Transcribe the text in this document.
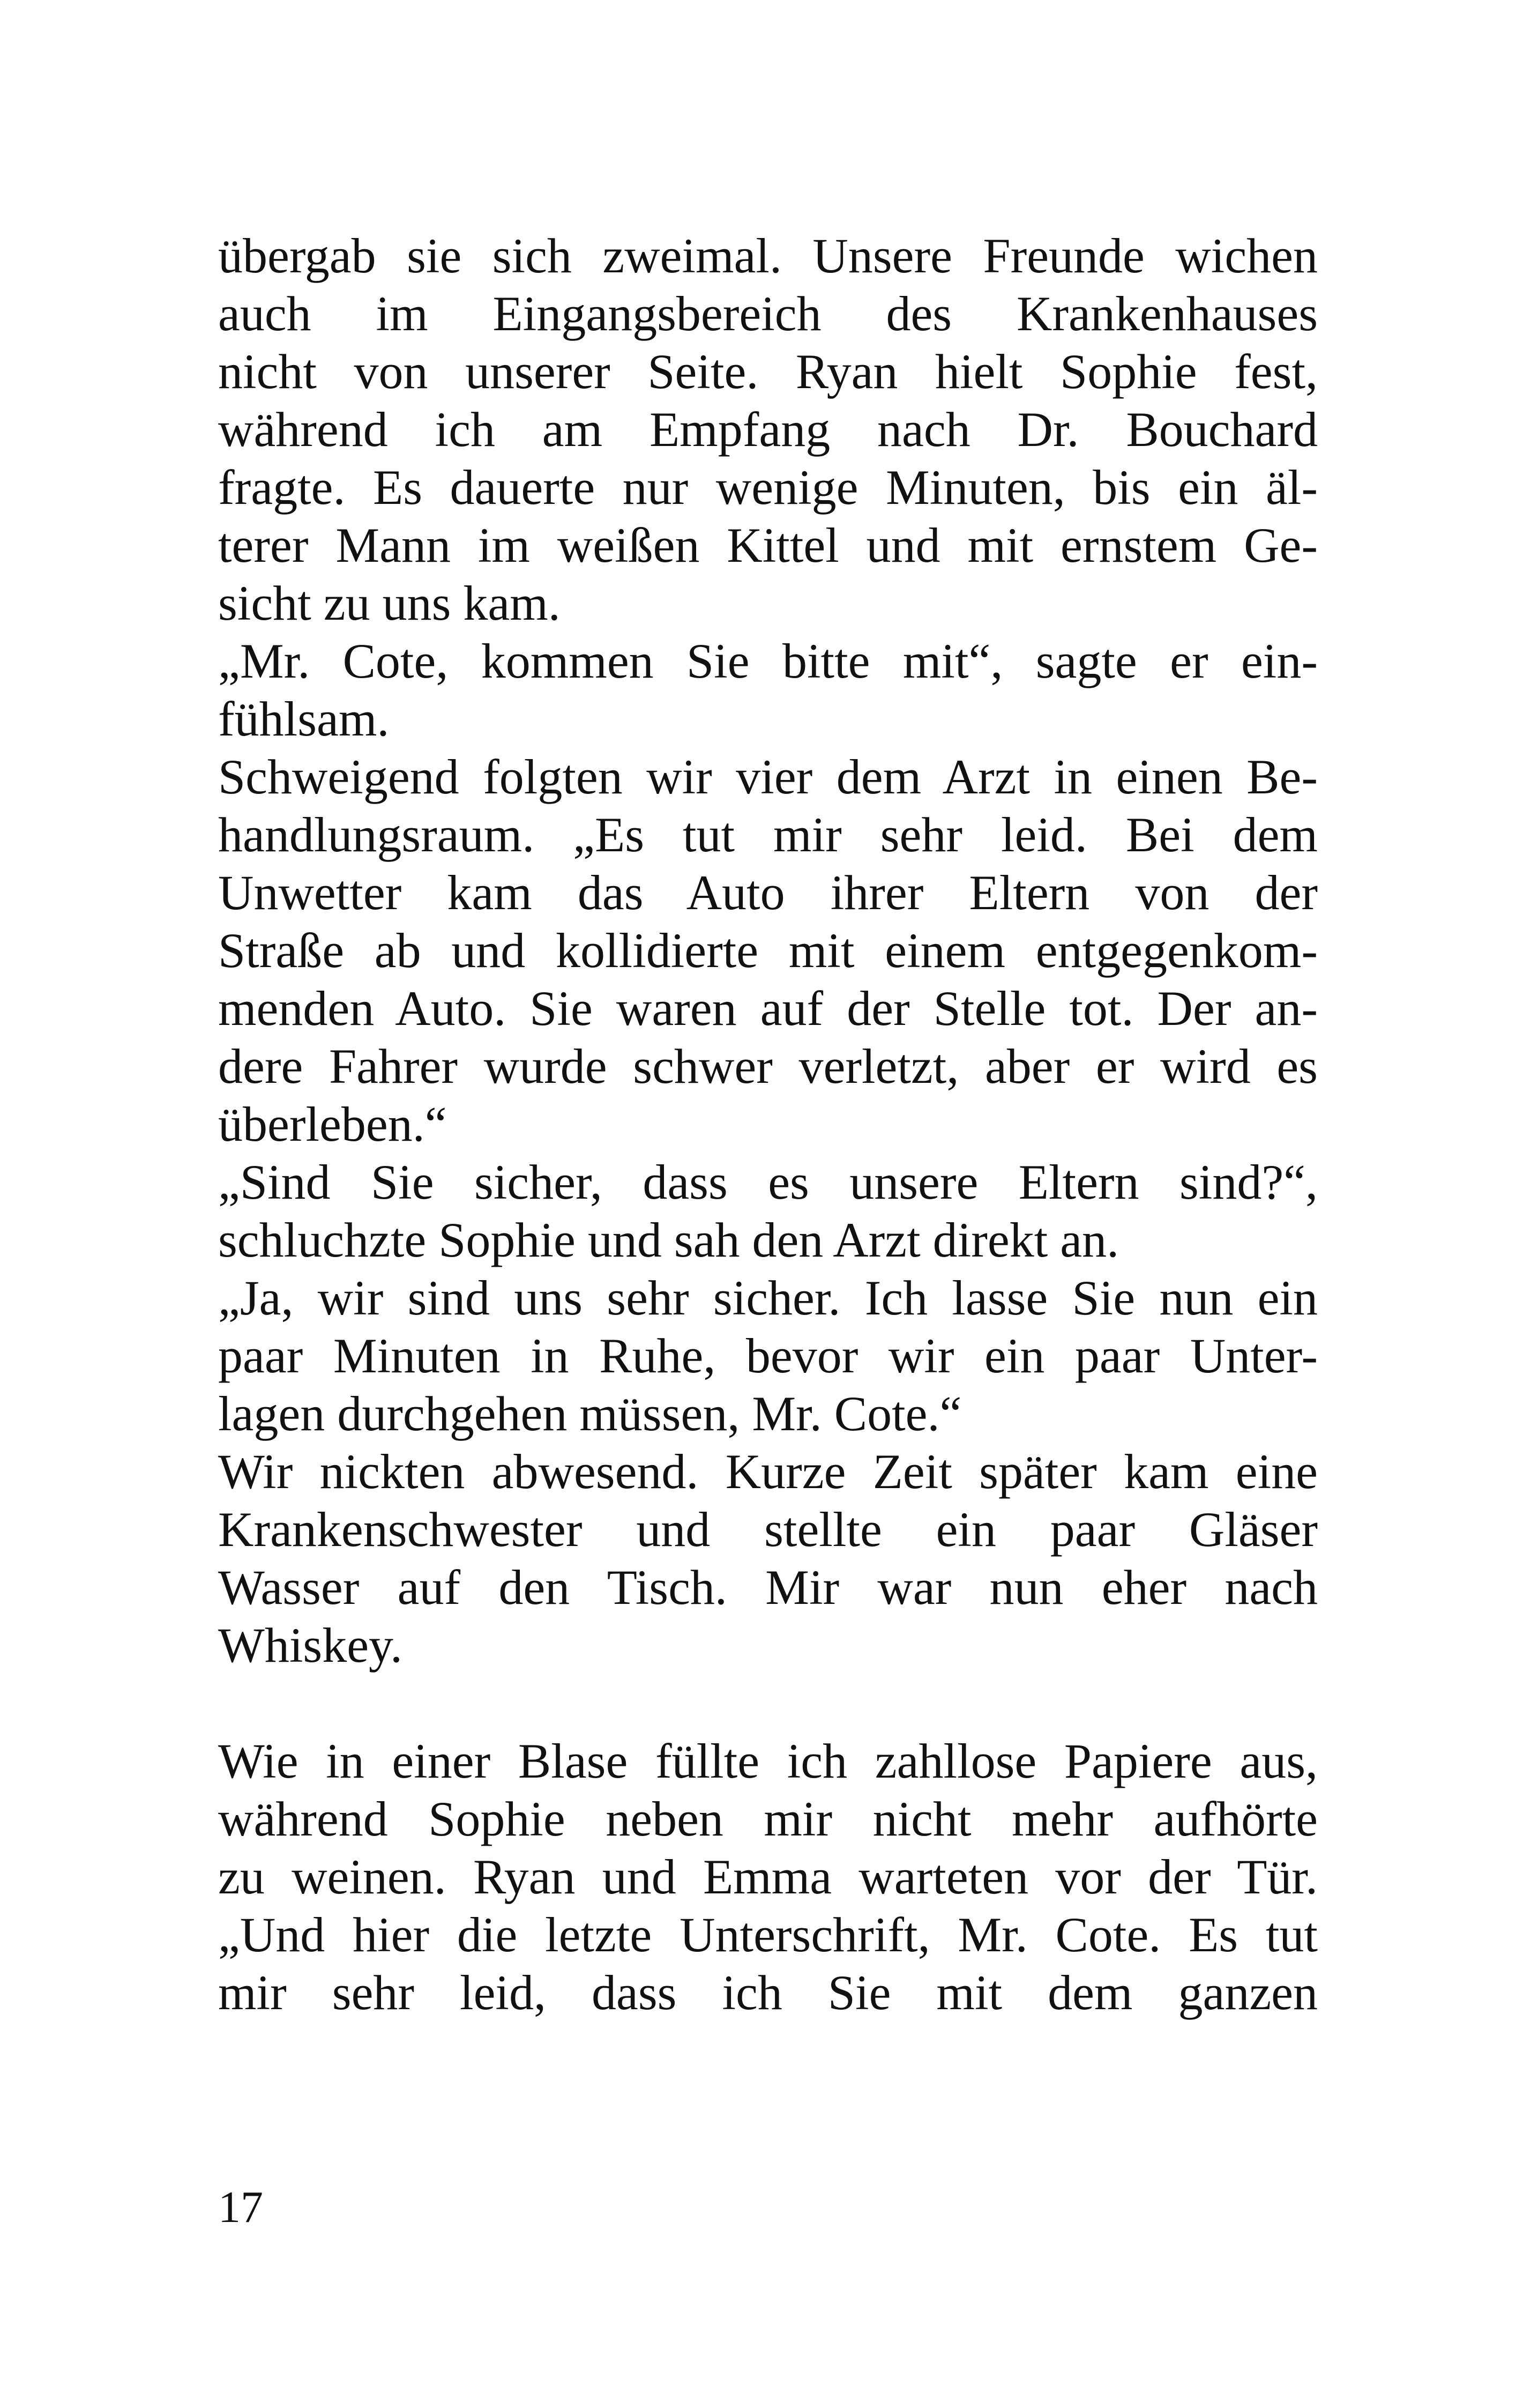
übergab sie sich zweimal. Unsere Freunde wichen
auch im Eingangsbereich des Krankenhauses
nicht von unserer Seite. Ryan hielt Sophie fest,
während ich am Empfang nach Dr. Bouchard
fragte. Es dauerte nur wenige Minuten, bis ein äl-
terer Mann im weißen Kittel und mit ernstem Ge-
sicht zu uns kam.
„Mr. Cote, kommen Sie bitte mit“, sagte er ein-
fühlsam.
Schweigend folgten wir vier dem Arzt in einen Be-
handlungsraum. „Es tut mir sehr leid. Bei dem
Unwetter kam das Auto ihrer Eltern von der
Straße ab und kollidierte mit einem entgegenkom-
menden Auto. Sie waren auf der Stelle tot. Der an-
dere Fahrer wurde schwer verletzt, aber er wird es
überleben.“
„Sind Sie sicher, dass es unsere Eltern sind?“,
schluchzte Sophie und sah den Arzt direkt an.
„Ja, wir sind uns sehr sicher. Ich lasse Sie nun ein
paar Minuten in Ruhe, bevor wir ein paar Unter-
lagen durchgehen müssen, Mr. Cote.“
Wir nickten abwesend. Kurze Zeit später kam eine
Krankenschwester und stellte ein paar Gläser
Wasser auf den Tisch. Mir war nun eher nach
Whiskey.
Wie in einer Blase füllte ich zahllose Papiere aus,
während Sophie neben mir nicht mehr aufhörte
zu weinen. Ryan und Emma warteten vor der Tür.
„Und hier die letzte Unterschrift, Mr. Cote. Es tut
mir sehr leid, dass ich Sie mit dem ganzen
17
